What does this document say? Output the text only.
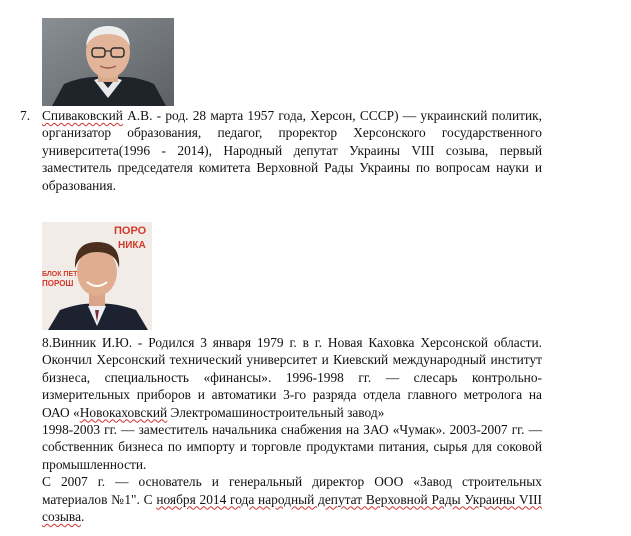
7. Спиваковский А.В. - род. 28 марта 1957 года, Херсон, СССР) — украинский политик, организатор образования, педагог, проректор Херсонского государственного университета(1996 - 2014), Народный депутат Украины VIII созыва, первый заместитель председателя комитета Верховной Рады Украины по вопросам науки и образования.

ПОРО
НИКА
БЛОК ПЕТ
ПОРОШ

8.Винник И.Ю. - Родился 3 января 1979 г. в г. Новая Каховка Херсонской области. Окончил Херсонский технический университет и Киевский международный институт бизнеса, специальность «финансы». 1996-1998 гг. — слесарь контрольно-измерительных приборов и автоматики 3-го разряда отдела главного метролога на ОАО «Новокаховский Электромашиностроительный завод»

1998-2003 гг. — заместитель начальника снабжения на ЗАО «Чумак». 2003-2007 гг. — собственник бизнеса по импорту и торговле продуктами питания, сырья для соковой промышленности.

С 2007 г. — основатель и генеральный директор ООО «Завод строительных материалов №1". С ноября 2014 года народный депутат Верховной Рады Украины VIII созыва.
